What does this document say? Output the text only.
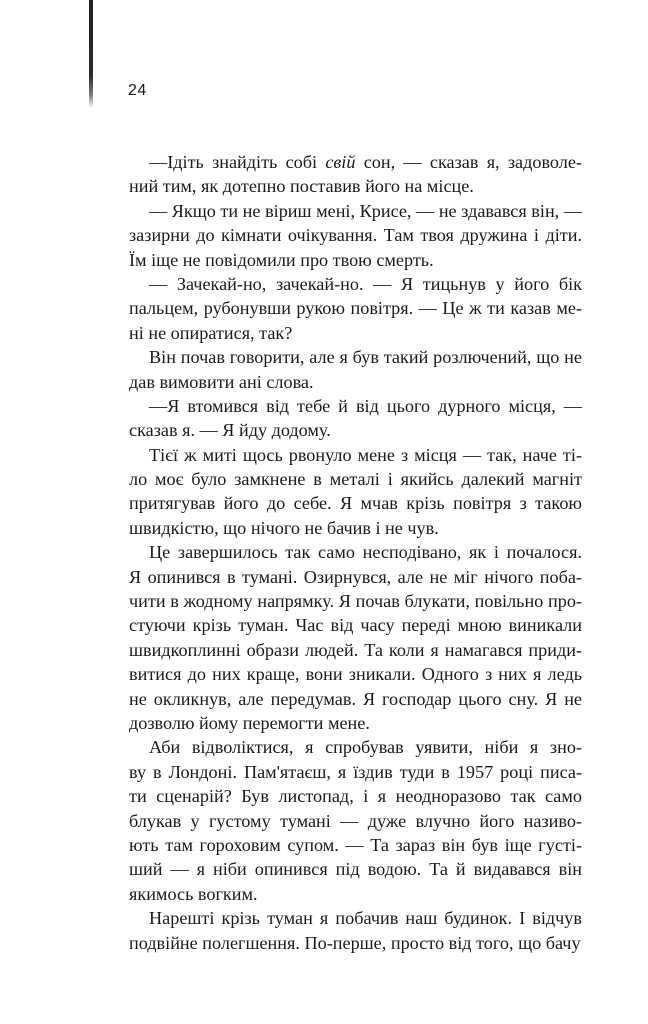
24
—Ідіть знайдіть собі свій сон, — сказав я, задоволе-
ний тим, як дотепно поставив його на місце.
— Якщо ти не віриш мені, Крисе, — не здавався він, —
зазирни до кімнати очікування. Там твоя дружина і діти.
Їм іще не повідомили про твою смерть.
— Зачекай-но, зачекай-но. — Я тицьнув у його бік
пальцем, рубонувши рукою повітря. — Це ж ти казав ме-
ні не опиратися, так?
Він почав говорити, але я був такий розлючений, що не
дав вимовити ані слова.
—Я втомився від тебе й від цього дурного місця, —
сказав я. — Я йду додому.
Тієї ж миті щось рвонуло мене з місця — так, наче ті-
ло моє було замкнене в металі і якийсь далекий магніт
притягував його до себе. Я мчав крізь повітря з такою
швидкістю, що нічого не бачив і не чув.
Це завершилось так само несподівано, як і почалося.
Я опинився в тумані. Озирнувся, але не міг нічого поба-
чити в жодному напрямку. Я почав блукати, повільно про-
стуючи крізь туман. Час від часу переді мною виникали
швидкоплинні образи людей. Та коли я намагався приди-
витися до них краще, вони зникали. Одного з них я ледь
не окликнув, але передумав. Я господар цього сну. Я не
дозволю йому перемогти мене.
Аби відволіктися, я спробував уявити, ніби я зно-
ву в Лондоні. Пам'ятаєш, я їздив туди в 1957 році писа-
ти сценарій? Був листопад, і я неодноразово так само
блукав у густому тумані — дуже влучно його називо-
ють там гороховим супом. — Та зараз він був іще густі-
ший — я ніби опинився під водою. Та й видавався він
якимось вогким.
Нарешті крізь туман я побачив наш будинок. І відчув
подвійне полегшення. По-перше, просто від того, що бачу
